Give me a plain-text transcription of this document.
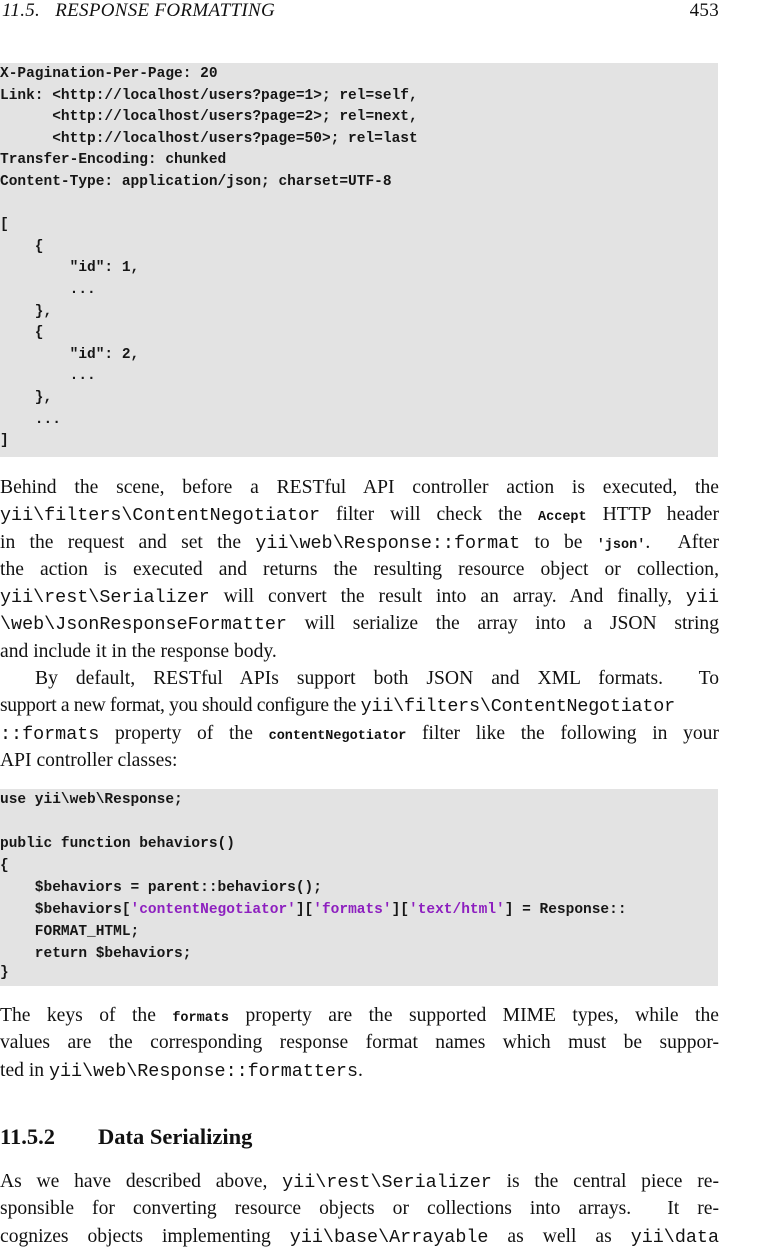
11.5.   RESPONSE FORMATTING	453
X-Pagination-Per-Page: 20
Link: <http://localhost/users?page=1>; rel=self,
<http://localhost/users?page=2>; rel=next,
<http://localhost/users?page=50>; rel=last
Transfer-Encoding: chunked
Content-Type: application/json; charset=UTF-8
[
{
"id": 1,
...
},
{
"id": 2,
...
},
...
]
Behind the scene, before a RESTful API controller action is executed, the
yii\filters\ContentNegotiator filter will check the Accept HTTP header
in the request and set the yii\web\Response::format to be 'json'.  After
the action is executed and returns the resulting resource object or collection,
yii\rest\Serializer will convert the result into an array. And finally, yii
\web\JsonResponseFormatter will serialize the array into a JSON string
and include it in the response body.
By default, RESTful APIs support both JSON and XML formats.  To
support a new format, you should configure the yii\filters\ContentNegotiator
::formats property of the contentNegotiator filter like the following in your
API controller classes:
use yii\web\Response;
public function behaviors()
{
$behaviors = parent::behaviors();
$behaviors['contentNegotiator']['formats']['text/html'] = Response::
FORMAT_HTML;
return $behaviors;
}
The keys of the formats property are the supported MIME types, while the
values are the corresponding response format names which must be suppor-
ted in yii\web\Response::formatters.
11.5.2 Data Serializing
As we have described above, yii\rest\Serializer is the central piece re-
sponsible for converting resource objects or collections into arrays.  It re-
cognizes objects implementing yii\base\Arrayable as well as yii\data
